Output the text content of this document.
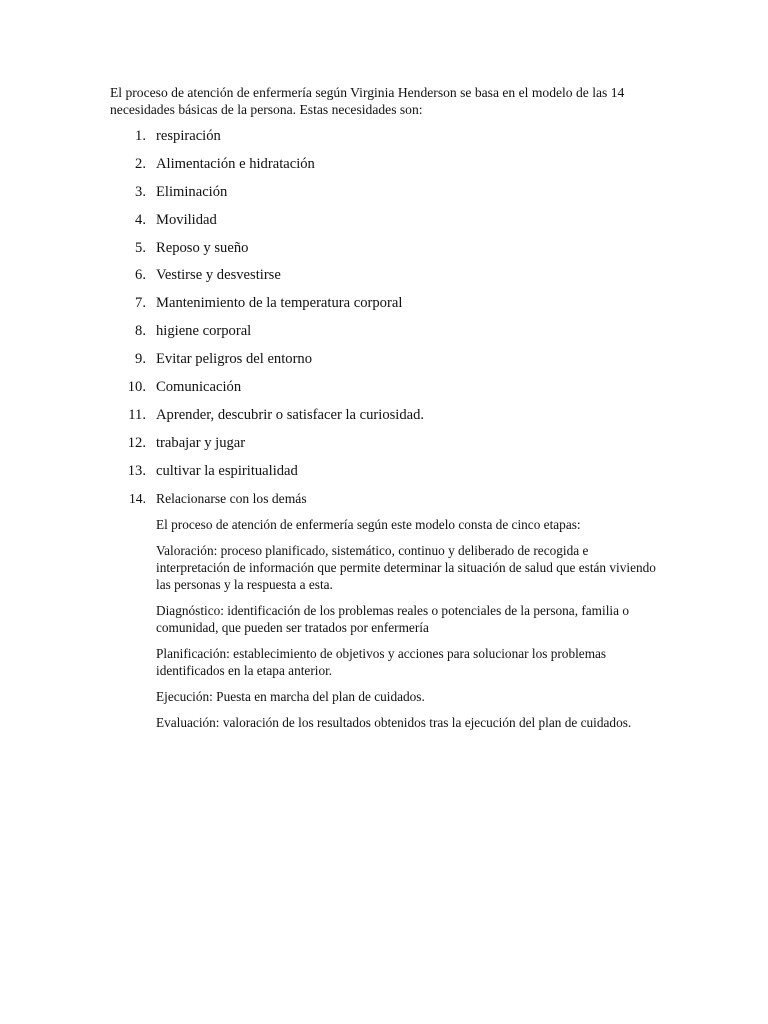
El proceso de atención de enfermería según Virginia Henderson se basa en el modelo de las 14 necesidades básicas de la persona. Estas necesidades son:

1. respiración
2. Alimentación e hidratación
3. Eliminación
4. Movilidad
5. Reposo y sueño
6. Vestirse y desvestirse
7. Mantenimiento de la temperatura corporal
8. higiene corporal
9. Evitar peligros del entorno
10. Comunicación
11. Aprender, descubrir o satisfacer la curiosidad.
12. trabajar y jugar
13. cultivar la espiritualidad
14. Relacionarse con los demás

El proceso de atención de enfermería según este modelo consta de cinco etapas:

Valoración: proceso planificado, sistemático, continuo y deliberado de recogida e interpretación de información que permite determinar la situación de salud que están viviendo las personas y la respuesta a esta.

Diagnóstico: identificación de los problemas reales o potenciales de la persona, familia o comunidad, que pueden ser tratados por enfermería

Planificación: establecimiento de objetivos y acciones para solucionar los problemas identificados en la etapa anterior.

Ejecución: Puesta en marcha del plan de cuidados.

Evaluación: valoración de los resultados obtenidos tras la ejecución del plan de cuidados.
